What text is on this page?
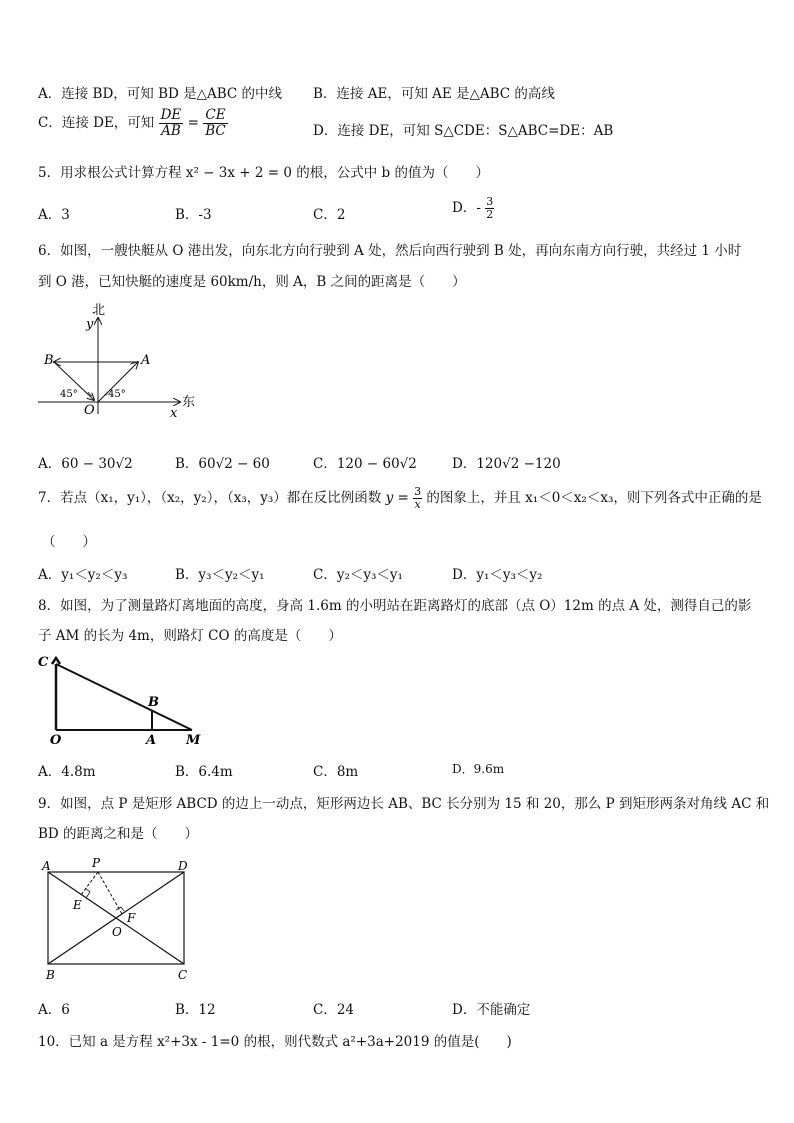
A．连接 BD，可知 BD 是△ABC 的中线 B．连接 AE，可知 AE 是△ABC 的高线
C．连接 DE，可知 $\frac{DE}{AB} = \frac{CE}{BC}$	D．连接 DE，可知 S△CDE：S△ABC=DE：AB
5．用求根公式计算方程 x² − 3x + 2 = 0 的根，公式中 b 的值为（　　）
A．3	B．-3	C．2	D．- $\frac{3}{2}$
6．如图，一艘快艇从 O 港出发，向东北方向行驶到 A 处，然后向西行驶到 B 处，再向东南方向行驶，共经过 1 小时
到 O 港，已知快艇的速度是 60km/h，则 A，B 之间的距离是（　　）
北
y
东
x
A
B
O
45°	45°
A．60 − 30√2	B．60√2 − 60	C．120 − 60√2	D．120√2 −120
7．若点（x₁，y₁），（x₂，y₂），（x₃，y₃）都在反比例函数 $y = \frac{3}{x}$ 的图象上，并且 x₁＜0＜x₂＜x₃，则下列各式中正确的是
（　　）
A．y₁＜y₂＜y₃	B．y₃＜y₂＜y₁	C．y₂＜y₃＜y₁	D．y₁＜y₃＜y₂
8．如图，为了测量路灯离地面的高度，身高 1.6m 的小明站在距离路灯的底部（点 O）12m 的点 A 处，测得自己的影
子 AM 的长为 4m，则路灯 CO 的高度是（　　）
C
B
O	A M
A．4.8m	B．6.4m	C．8m	D．9.6m
9．如图，点 P 是矩形 ABCD 的边上一动点，矩形两边长 AB、BC 长分别为 15 和 20，那么 P 到矩形两条对角线 AC 和
BD 的距离之和是（　　）
A	P	D
E
F
O
B	C
A．6	B．12	C．24	D．不能确定
10．已知 a 是方程 x²+3x - 1=0 的根，则代数式 a²+3a+2019 的值是(　　)
